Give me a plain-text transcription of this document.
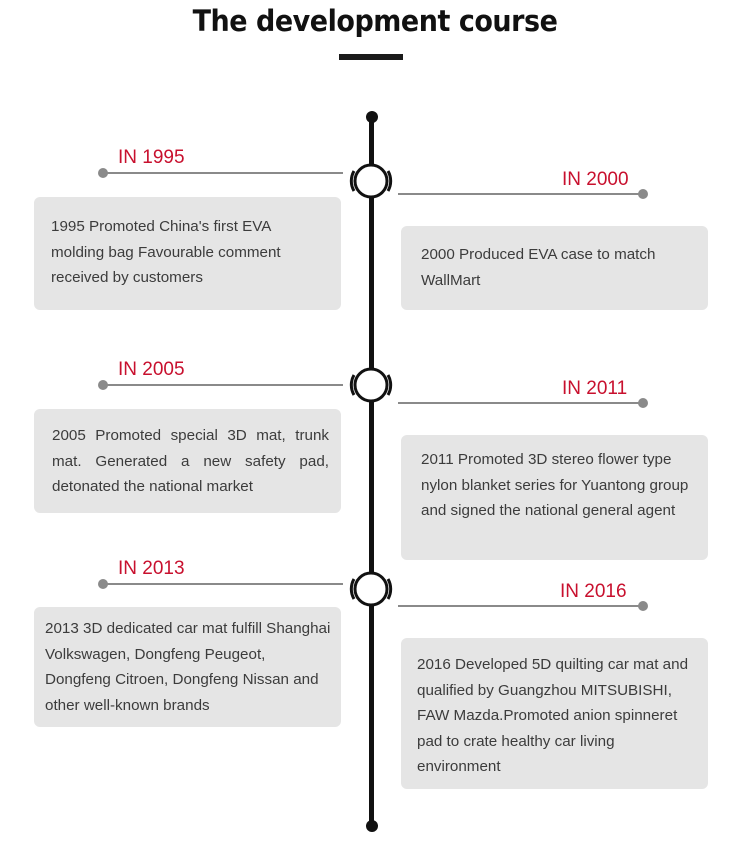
The development course
IN 1995
1995 Promoted China's first EVA molding bag Favourable comment received by customers
IN 2000
2000 Produced EVA case to match WallMart
IN 2005
2005 Promoted special 3D mat, trunk mat. Generated a new safety pad, detonated the national market
IN 2011
2011 Promoted 3D stereo flower type nylon blanket series for Yuantong group and signed the national general agent
IN 2013
2013 3D dedicated car mat fulfill Shanghai Volkswagen, Dongfeng Peugeot, Dongfeng Citroen, Dongfeng Nissan and other well-known brands
IN 2016
2016 Developed 5D quilting car mat and qualified by Guangzhou MITSUBISHI, FAW Mazda.Promoted anion spinneret pad to crate healthy car living environment
